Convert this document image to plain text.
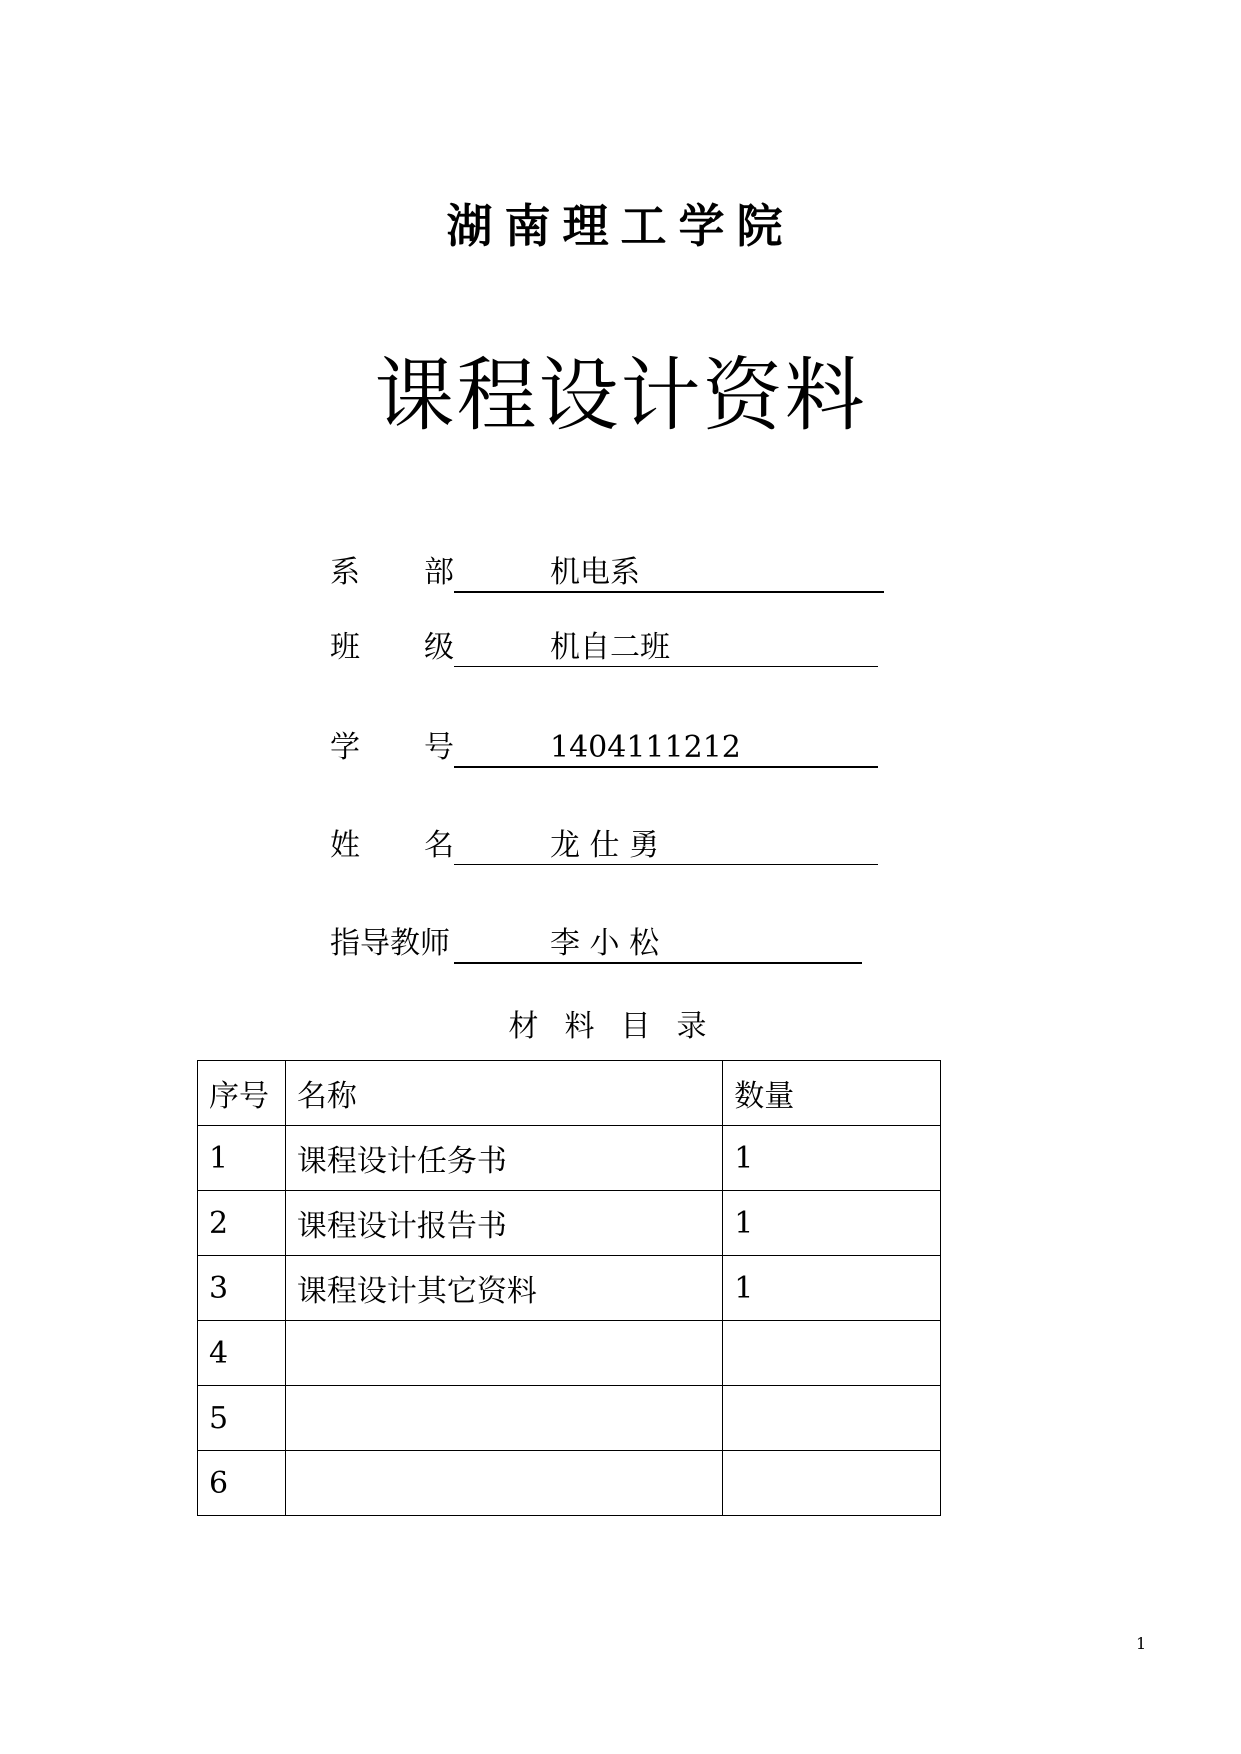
湖南理工学院
课程设计资料
系 部	机电系
班 级	机自二班
学 号	1404111212
姓 名	龙 仕 勇
指导教师	李 小 松
材料目录
序号	名称	数量
1	课程设计任务书	1
2	课程设计报告书	1
3	课程设计其它资料	1
4		
5		
6		
1
